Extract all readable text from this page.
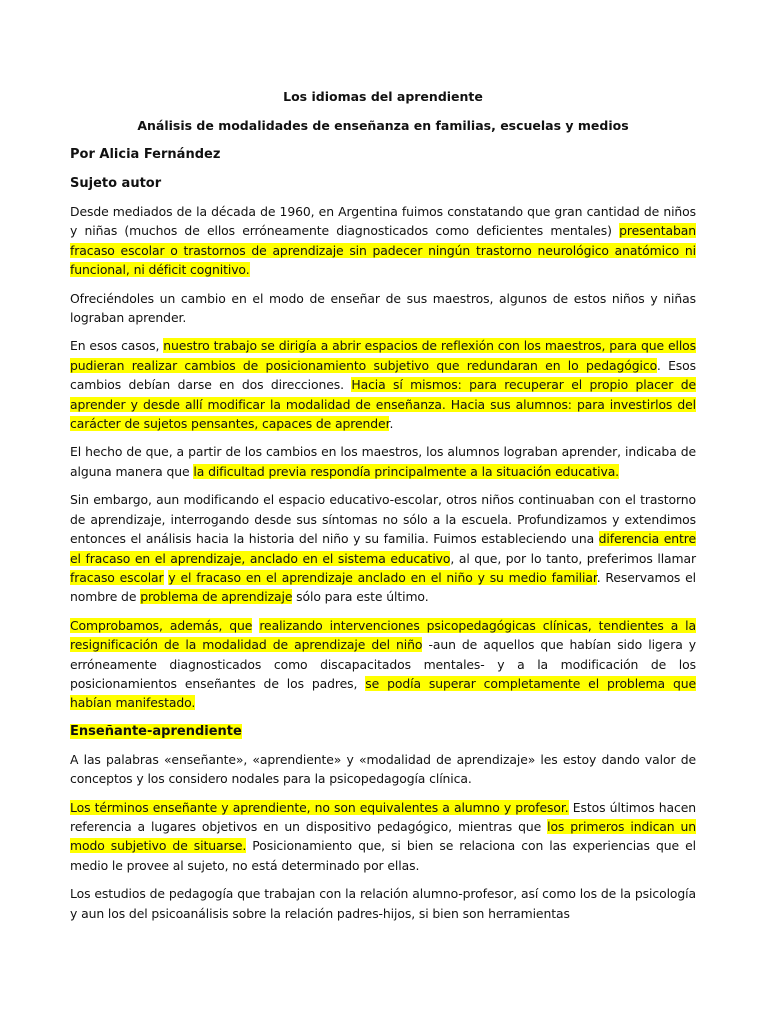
Los idiomas del aprendiente

Análisis de modalidades de enseñanza en familias, escuelas y medios

Por Alicia Fernández

Sujeto autor

Desde mediados de la década de 1960, en Argentina fuimos constatando que gran cantidad de niños y niñas (muchos de ellos erróneamente diagnosticados como deficientes mentales) presentaban fracaso escolar o trastornos de aprendizaje sin padecer ningún trastorno neurológico anatómico ni funcional, ni déficit cognitivo.

Ofreciéndoles un cambio en el modo de enseñar de sus maestros, algunos de estos niños y niñas lograban aprender.

En esos casos, nuestro trabajo se dirigía a abrir espacios de reflexión con los maestros, para que ellos pudieran realizar cambios de posicionamiento subjetivo que redundaran en lo pedagógico. Esos cambios debían darse en dos direcciones. Hacia sí mismos: para recuperar el propio placer de aprender y desde allí modificar la modalidad de enseñanza. Hacia sus alumnos: para investirlos del carácter de sujetos pensantes, capaces de aprender.

El hecho de que, a partir de los cambios en los maestros, los alumnos lograban aprender, indicaba de alguna manera que la dificultad previa respondía principalmente a la situación educativa.

Sin embargo, aun modificando el espacio educativo-escolar, otros niños continuaban con el trastorno de aprendizaje, interrogando desde sus síntomas no sólo a la escuela. Profundizamos y extendimos entonces el análisis hacia la historia del niño y su familia. Fuimos estableciendo una diferencia entre el fracaso en el aprendizaje, anclado en el sistema educativo, al que, por lo tanto, preferimos llamar fracaso escolar y el fracaso en el aprendizaje anclado en el niño y su medio familiar. Reservamos el nombre de problema de aprendizaje sólo para este último.

Comprobamos, además, que realizando intervenciones psicopedagógicas clínicas, tendientes a la resignificación de la modalidad de aprendizaje del niño -aun de aquellos que habían sido ligera y erróneamente diagnosticados como discapacitados mentales- y a la modificación de los posicionamientos enseñantes de los padres, se podía superar completamente el problema que habían manifestado.

Enseñante-aprendiente

A las palabras «enseñante», «aprendiente» y «modalidad de aprendizaje» les estoy dando valor de conceptos y los considero nodales para la psicopedagogía clínica.

Los términos enseñante y aprendiente, no son equivalentes a alumno y profesor. Estos últimos hacen referencia a lugares objetivos en un dispositivo pedagógico, mientras que los primeros indican un modo subjetivo de situarse. Posicionamiento que, si bien se relaciona con las experiencias que el medio le provee al sujeto, no está determinado por ellas.

Los estudios de pedagogía que trabajan con la relación alumno-profesor, así como los de la psicología y aun los del psicoanálisis sobre la relación padres-hijos, si bien son herramientas
